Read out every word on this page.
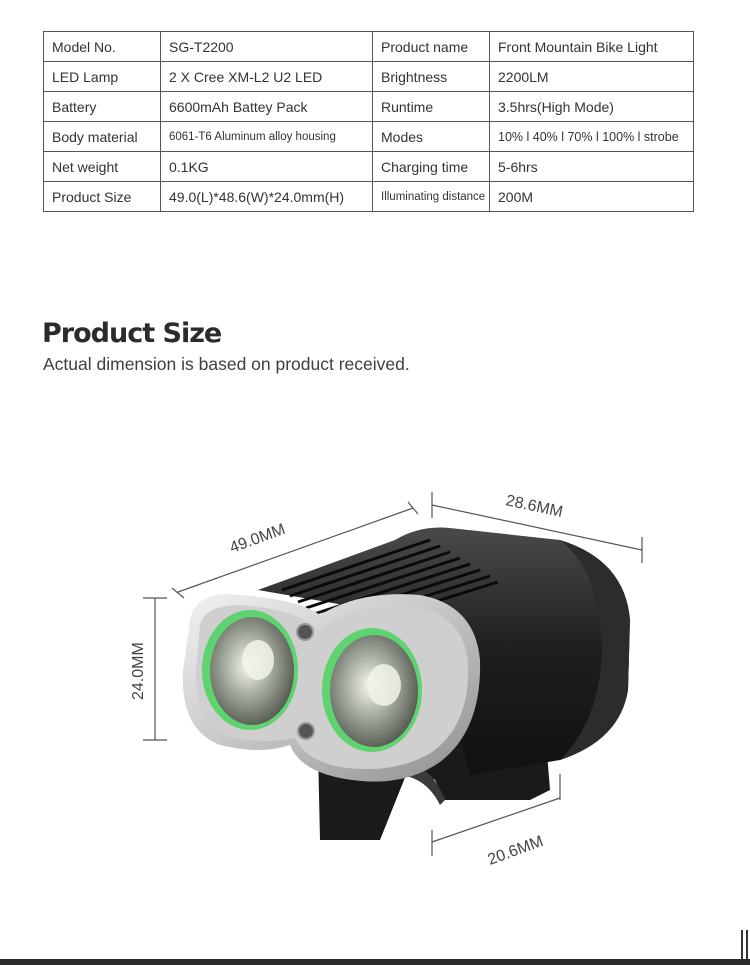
Model No.	SG-T2200	Product name	Front Mountain Bike Light
LED Lamp	2 X Cree XM-L2 U2 LED	Brightness	2200LM
Battery	6600mAh Battey Pack	Runtime	3.5hrs(High Mode)
Body material	6061-T6 Aluminum alloy housing	Modes	10% l 40% l 70% l 100% l strobe
Net weight	0.1KG	Charging time	5-6hrs
Product Size	49.0(L)*48.6(W)*24.0mm(H)	Illuminating distance	200M
Product Size

Actual dimension is based on product received.

49.0MM
28.6MM
24.0MM
20.6MM
